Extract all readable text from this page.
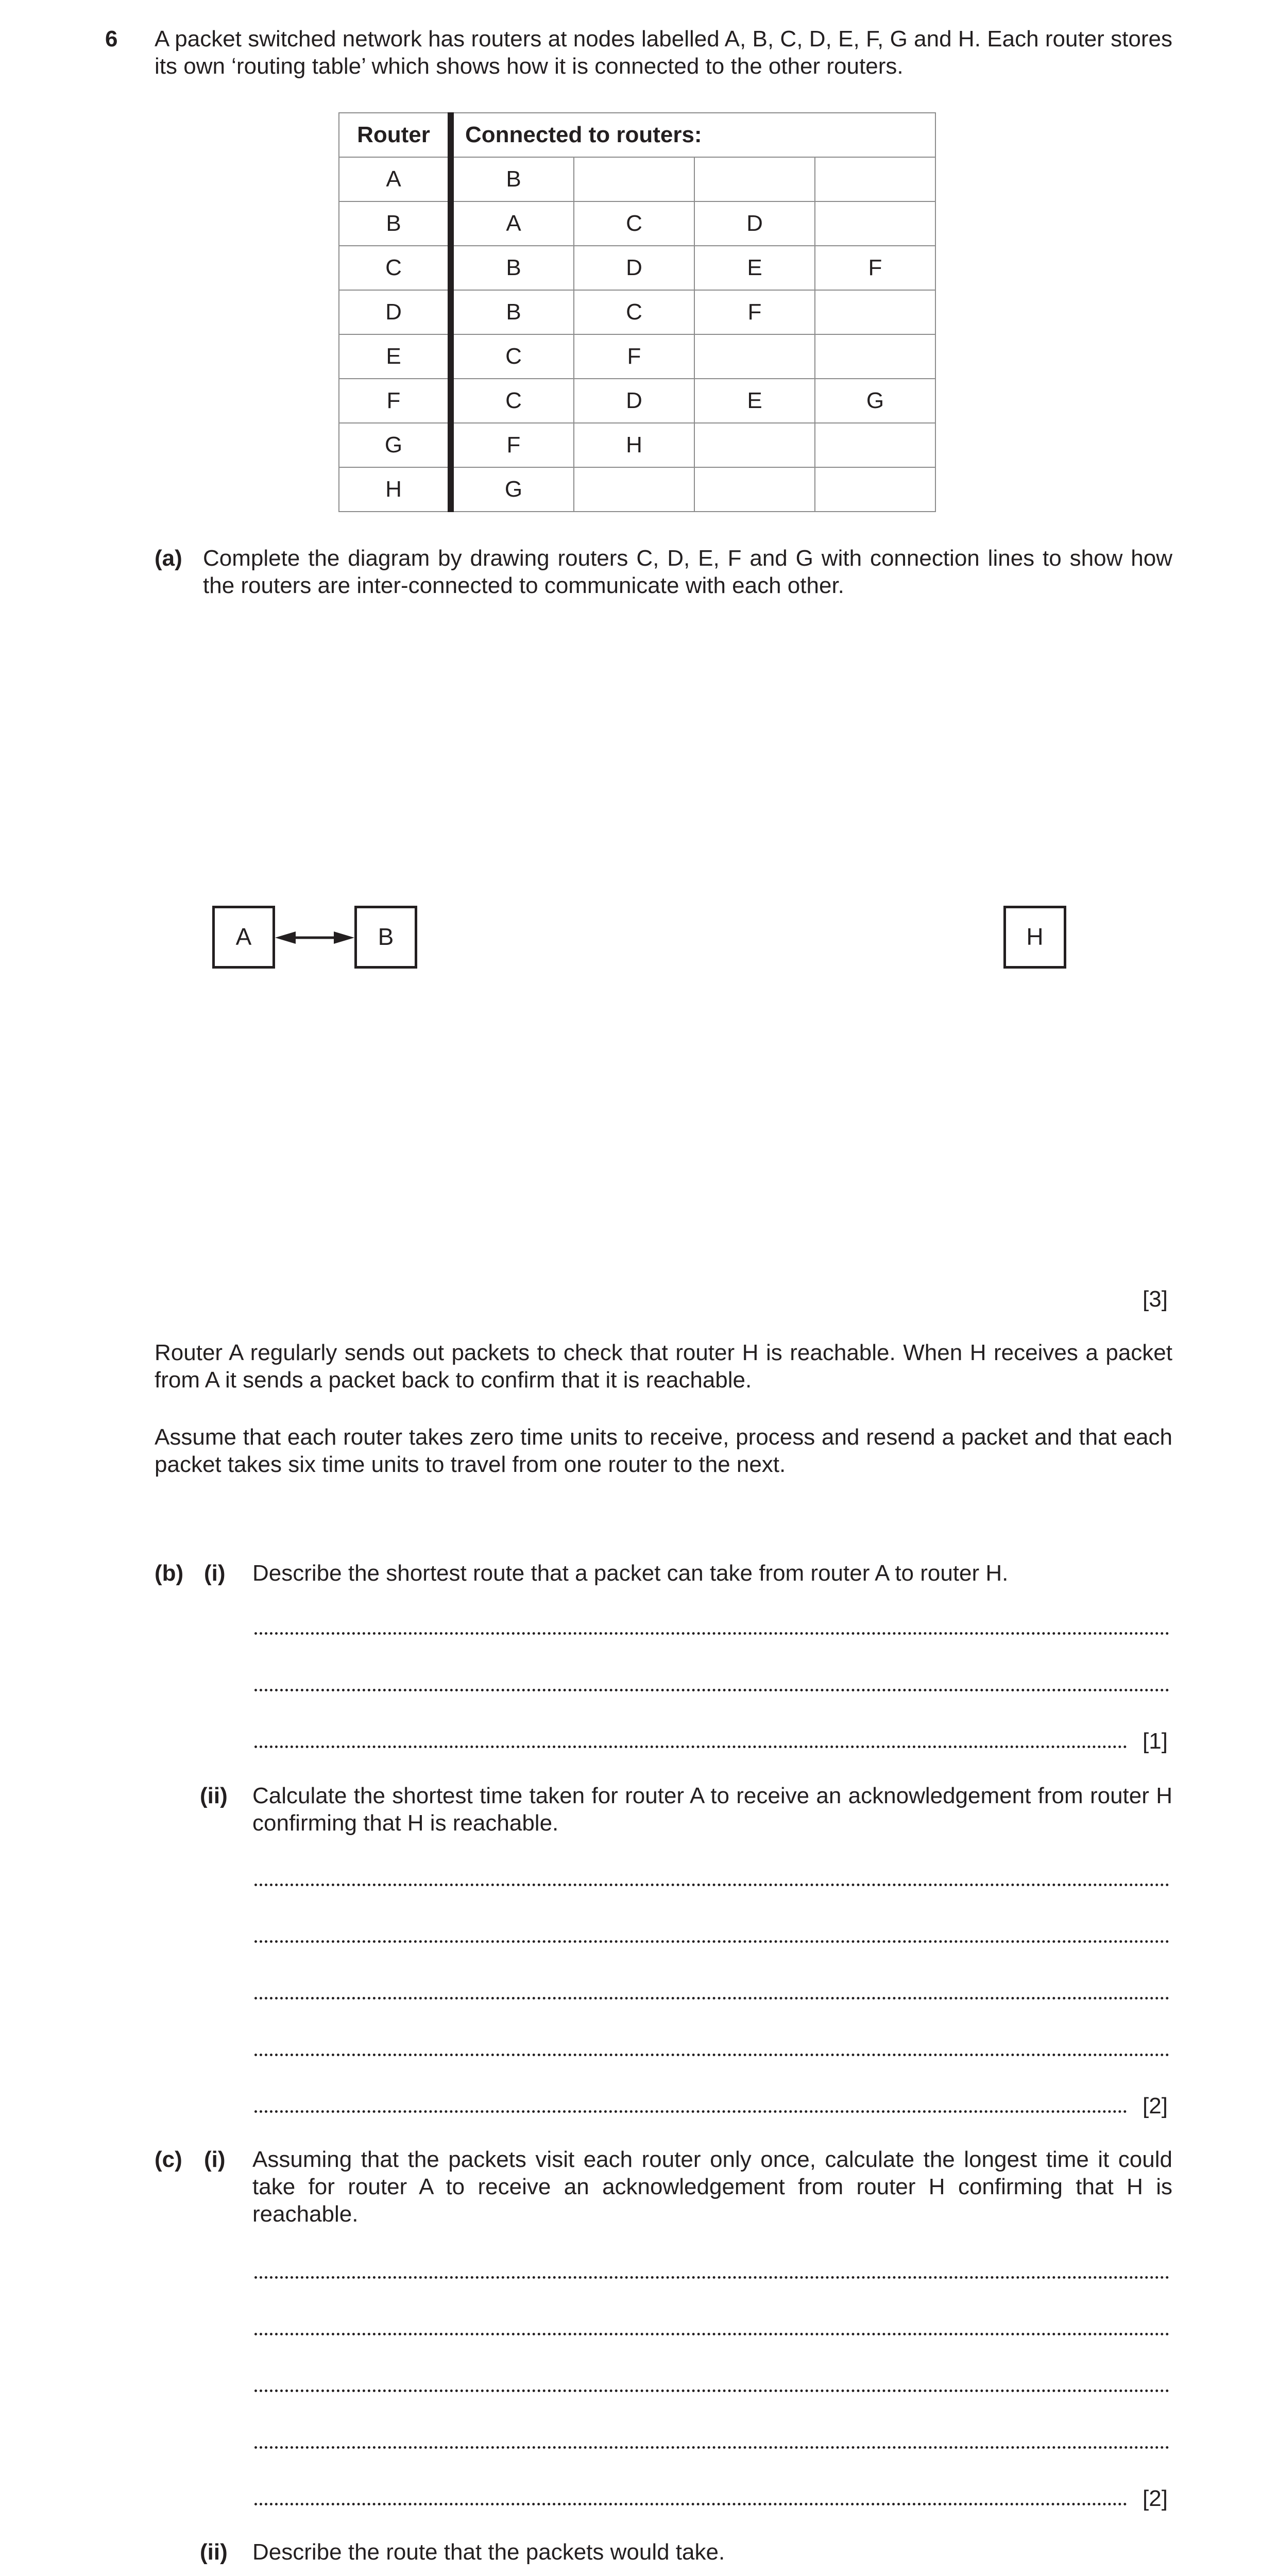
6 A packet switched network has routers at nodes labelled A, B, C, D, E, F, G and H. Each router stores its own ‘routing table’ which shows how it is connected to the other routers.
Router	Connected to routers:			
A	B			
B	A	C	D	
C	B	D	E	F
D	B	C	F	
E	C	F		
F	C	D	E	G
G	F	H		
H	G			
(a) Complete the diagram by drawing routers C, D, E, F and G with connection lines to show how the routers are inter-connected to communicate with each other.
A	B	H
[3]
Router A regularly sends out packets to check that router H is reachable. When H receives a packet from A it sends a packet back to confirm that it is reachable.
Assume that each router takes zero time units to receive, process and resend a packet and that each packet takes six time units to travel from one router to the next.
(b) (i) Describe the shortest route that a packet can take from router A to router H.
[1]
(ii) Calculate the shortest time taken for router A to receive an acknowledgement from router H confirming that H is reachable.
[2]
(c) (i) Assuming that the packets visit each router only once, calculate the longest time it could take for router A to receive an acknowledgement from router H confirming that H is reachable.
[2]
(ii) Describe the route that the packets would take.
